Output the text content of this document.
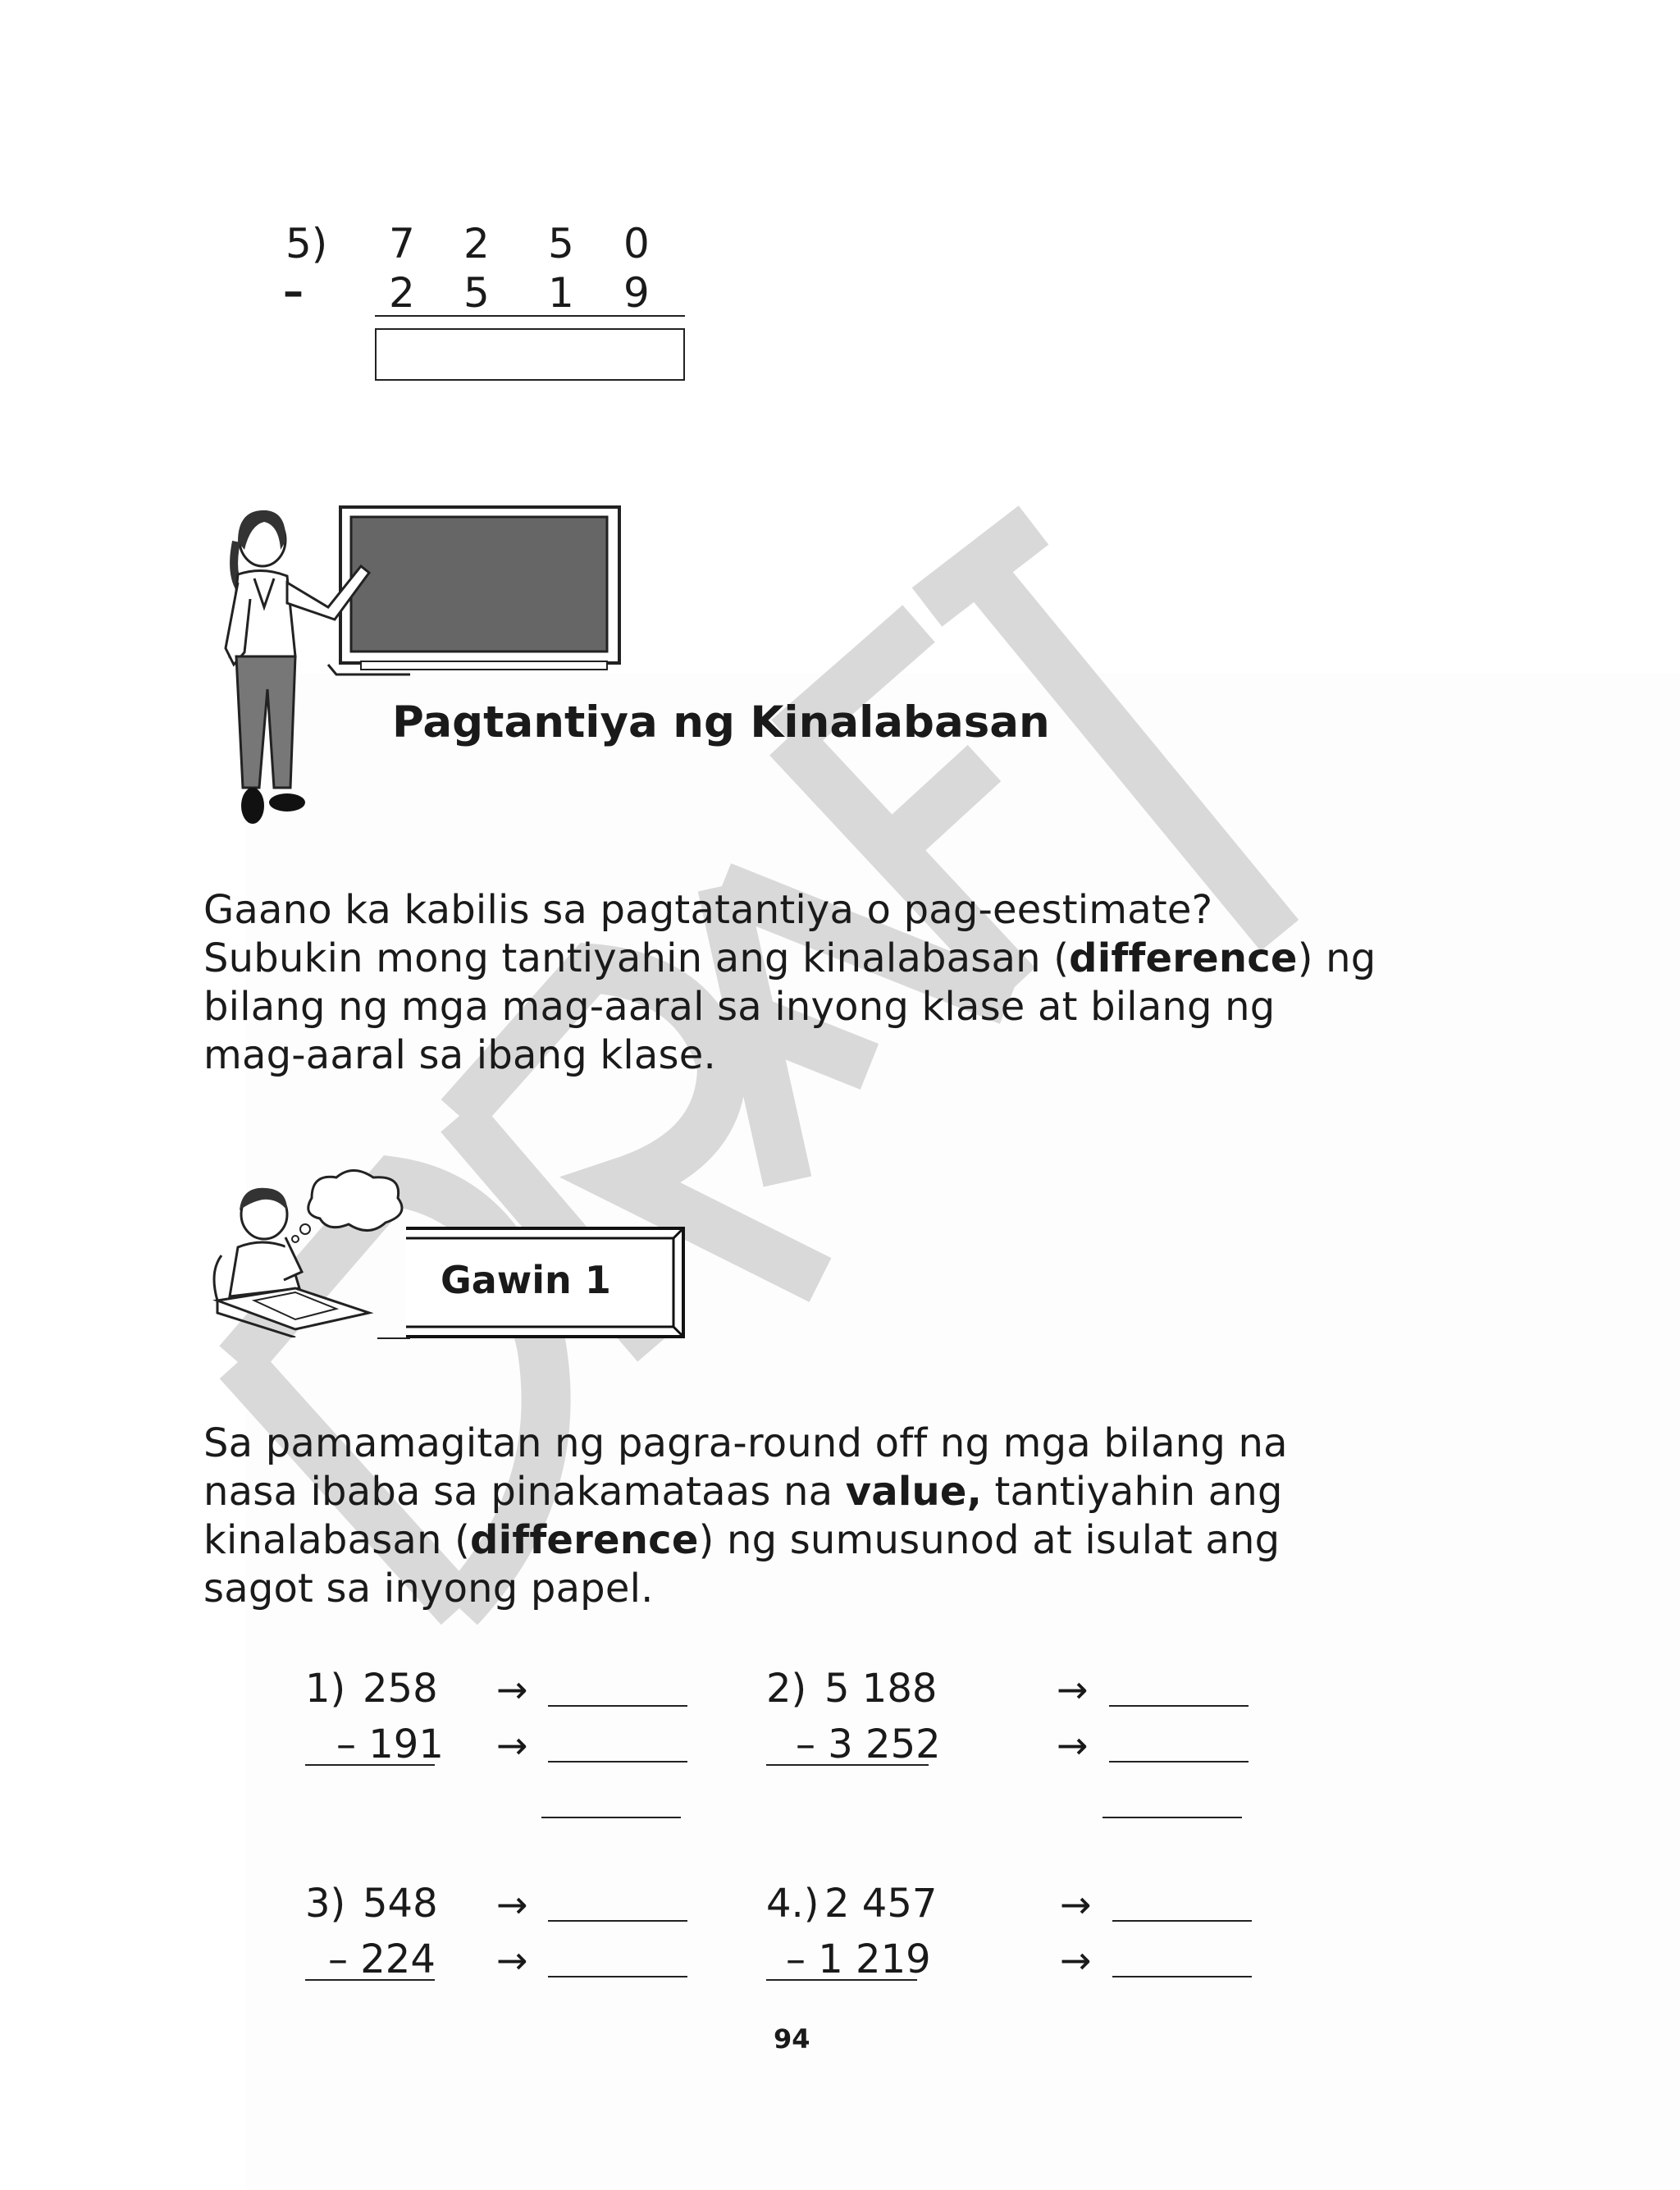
5)
–
7 2 5 0
2 5 1 9
Pagtantiya ng Kinalabasan
Gaano ka kabilis sa pagtatantiya o pag-eestimate? Subukin mong tantiyahin ang kinalabasan (difference) ng bilang ng mga mag-aaral sa inyong klase at bilang ng mag-aaral sa ibang klase.
Gawin 1
Sa pamamagitan ng pagra-round off ng mga bilang na nasa ibaba sa pinakamataas na value, tantiyahin ang kinalabasan (difference) ng sumusunod at isulat ang sagot sa inyong papel.
1) 258
– 191
→
→
2) 5 188
– 3 252
→
→
3) 548
– 224
→
→
4.) 2 457
– 1 219
→
→
94
